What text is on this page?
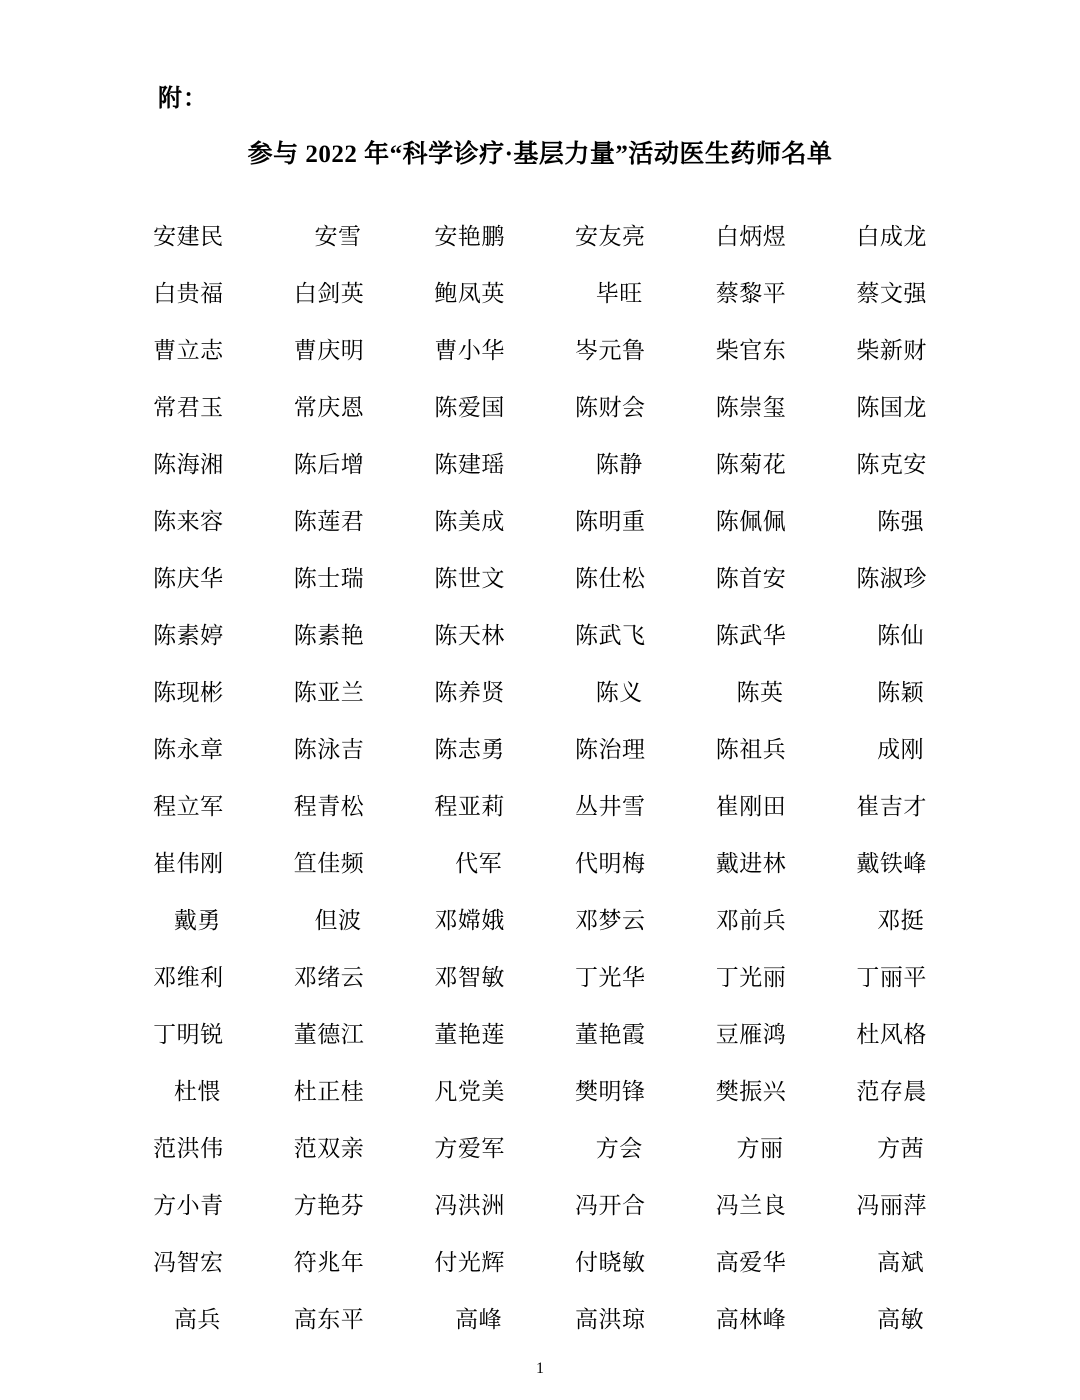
附：
参与 2022 年“科学诊疗·基层力量”活动医生药师名单
安建民	安雪	安艳鹏	安友亮	白炳煜	白成龙
白贵福	白剑英	鲍凤英	毕旺	蔡黎平	蔡文强
曹立志	曹庆明	曹小华	岑元鲁	柴官东	柴新财
常君玉	常庆恩	陈爱国	陈财会	陈崇玺	陈国龙
陈海湘	陈后增	陈建瑶	陈静	陈菊花	陈克安
陈来容	陈莲君	陈美成	陈明重	陈佩佩	陈强
陈庆华	陈士瑞	陈世文	陈仕松	陈首安	陈淑珍
陈素婷	陈素艳	陈天林	陈武飞	陈武华	陈仙
陈现彬	陈亚兰	陈养贤	陈义	陈英	陈颖
陈永章	陈泳吉	陈志勇	陈治理	陈祖兵	成刚
程立军	程青松	程亚莉	丛井雪	崔刚田	崔吉才
崔伟刚	笪佳频	代军	代明梅	戴进林	戴铁峰
戴勇	但波	邓嫦娥	邓梦云	邓前兵	邓挺
邓维利	邓绪云	邓智敏	丁光华	丁光丽	丁丽平
丁明锐	董德江	董艳莲	董艳霞	豆雁鸿	杜风格
杜愄	杜正桂	凡党美	樊明锋	樊振兴	范存晨
范洪伟	范双亲	方爱军	方会	方丽	方茜
方小青	方艳芬	冯洪洲	冯开合	冯兰良	冯丽萍
冯智宏	符兆年	付光辉	付晓敏	高爱华	高斌
高兵	高东平	高峰	高洪琼	高林峰	高敏
1
